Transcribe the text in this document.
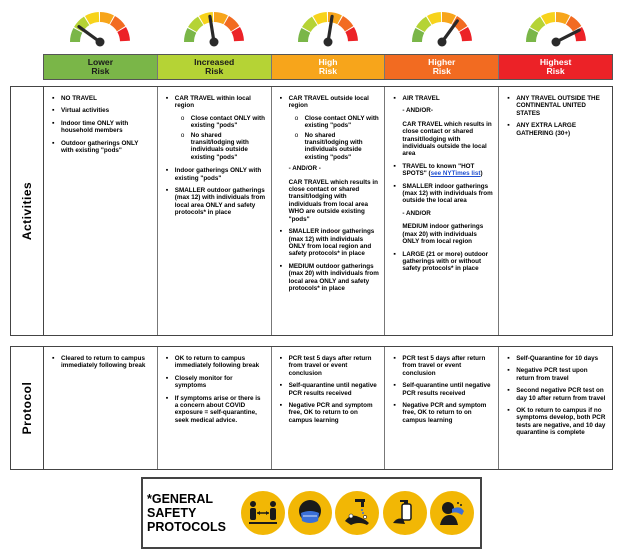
Lower
Risk
Increased
Risk
High
Risk
Higher
Risk
Highest
Risk
Activities
▪ NO TRAVEL
▪ Virtual activities
▪ Indoor time ONLY with household members
▪ Outdoor gatherings ONLY with existing "pods"
▪ CAR TRAVEL within local region
o Close contact ONLY with existing "pods"
o No shared transit/lodging with individuals outside existing "pods"
▪ Indoor gatherings ONLY with existing "pods"
▪ SMALLER outdoor gatherings (max 12) with individuals from local area ONLY and safety protocols* in place
▪ CAR TRAVEL outside local region
o Close contact ONLY with existing "pods"
o No shared transit/lodging with individuals outside existing "pods"
- AND/OR -
CAR TRAVEL which results in close contact or shared transit/lodging with individuals from local area WHO are outside existing "pods"
▪ SMALLER indoor gatherings (max 12) with individuals ONLY from local region and safety protocols* in place
▪ MEDIUM outdoor gatherings (max 20) with individuals from local area ONLY and safety protocols* in place
▪ AIR TRAVEL
- AND/OR-
CAR TRAVEL which results in close contact or shared transit/lodging with individuals outside the local area
▪ TRAVEL to known "HOT SPOTS" (see NYTimes list)
▪ SMALLER indoor gatherings (max 12) with individuals from outside the local area
- AND/OR
MEDIUM indoor gatherings (max 20) with individuals ONLY from local region
▪ LARGE (21 or more) outdoor gatherings with or without safety protocols* in place
▪ ANY TRAVEL OUTSIDE THE CONTINENTAL UNITED STATES
▪ ANY EXTRA LARGE GATHERING (30+)
Protocol
▪ Cleared to return to campus immediately following break
▪ OK to return to campus immediately following break
▪ Closely monitor for symptoms
▪ If symptoms arise or there is a concern about COVID exposure = self-quarantine, seek medical advice.
▪ PCR test 5 days after return from travel or event conclusion
▪ Self-quarantine until negative PCR results received
▪ Negative PCR and symptom free, OK to return to on campus learning
▪ PCR test 5 days after return from travel or event conclusion
▪ Self-quarantine until negative PCR results received
▪ Negative PCR and symptom free, OK to return to on campus learning
▪ Self-Quarantine for 10 days
▪ Negative PCR test upon return from travel
▪ Second negative PCR test on day 10 after return from travel
▪ OK to return to campus if no symptoms develop, both PCR tests are negative, and 10 day quarantine is complete
*GENERAL
SAFETY
PROTOCOLS
